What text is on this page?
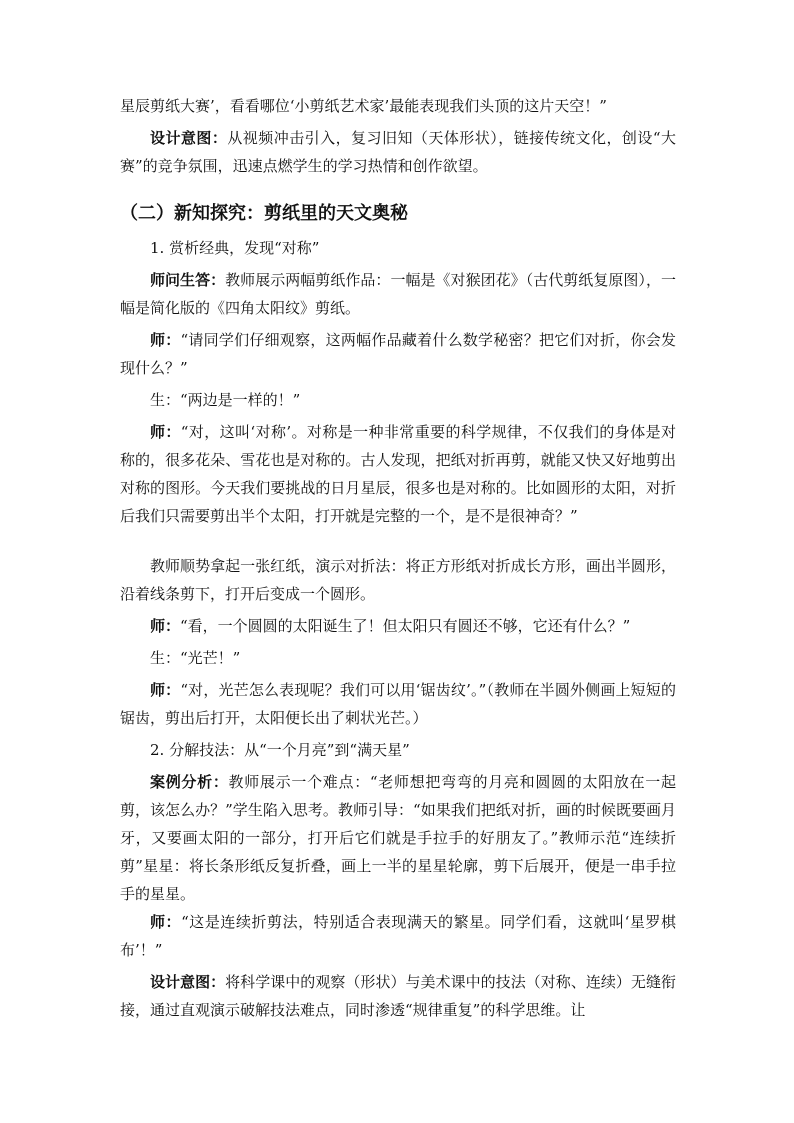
星辰剪纸大赛’，看看哪位‘小剪纸艺术家’最能表现我们头顶的这片天空！”

设计意图：从视频冲击引入，复习旧知（天体形状），链接传统文化，创设“大赛”的竞争氛围，迅速点燃学生的学习热情和创作欲望。

（二）新知探究：剪纸里的天文奥秘

1. 赏析经典，发现“对称”

师问生答：教师展示两幅剪纸作品：一幅是《对猴团花》（古代剪纸复原图），一幅是简化版的《四角太阳纹》剪纸。

师：“请同学们仔细观察，这两幅作品藏着什么数学秘密？把它们对折，你会发现什么？”

生：“两边是一样的！”

师：“对，这叫‘对称’。对称是一种非常重要的科学规律，不仅我们的身体是对称的，很多花朵、雪花也是对称的。古人发现，把纸对折再剪，就能又快又好地剪出对称的图形。今天我们要挑战的日月星辰，很多也是对称的。比如圆形的太阳，对折后我们只需要剪出半个太阳，打开就是完整的一个，是不是很神奇？”

教师顺势拿起一张红纸，演示对折法：将正方形纸对折成长方形，画出半圆形，沿着线条剪下，打开后变成一个圆形。

师：“看，一个圆圆的太阳诞生了！但太阳只有圆还不够，它还有什么？”

生：“光芒！”

师：“对，光芒怎么表现呢？我们可以用‘锯齿纹’。”（教师在半圆外侧画上短短的锯齿，剪出后打开，太阳便长出了刺状光芒。）

2. 分解技法：从“一个月亮”到“满天星”

案例分析：教师展示一个难点：“老师想把弯弯的月亮和圆圆的太阳放在一起剪，该怎么办？”学生陷入思考。教师引导：“如果我们把纸对折，画的时候既要画月牙，又要画太阳的一部分，打开后它们就是手拉手的好朋友了。”教师示范“连续折剪”星星：将长条形纸反复折叠，画上一半的星星轮廓，剪下后展开，便是一串手拉手的星星。

师：“这是连续折剪法，特别适合表现满天的繁星。同学们看，这就叫‘星罗棋布’！”

设计意图：将科学课中的观察（形状）与美术课中的技法（对称、连续）无缝衔接，通过直观演示破解技法难点，同时渗透“规律重复”的科学思维。让
